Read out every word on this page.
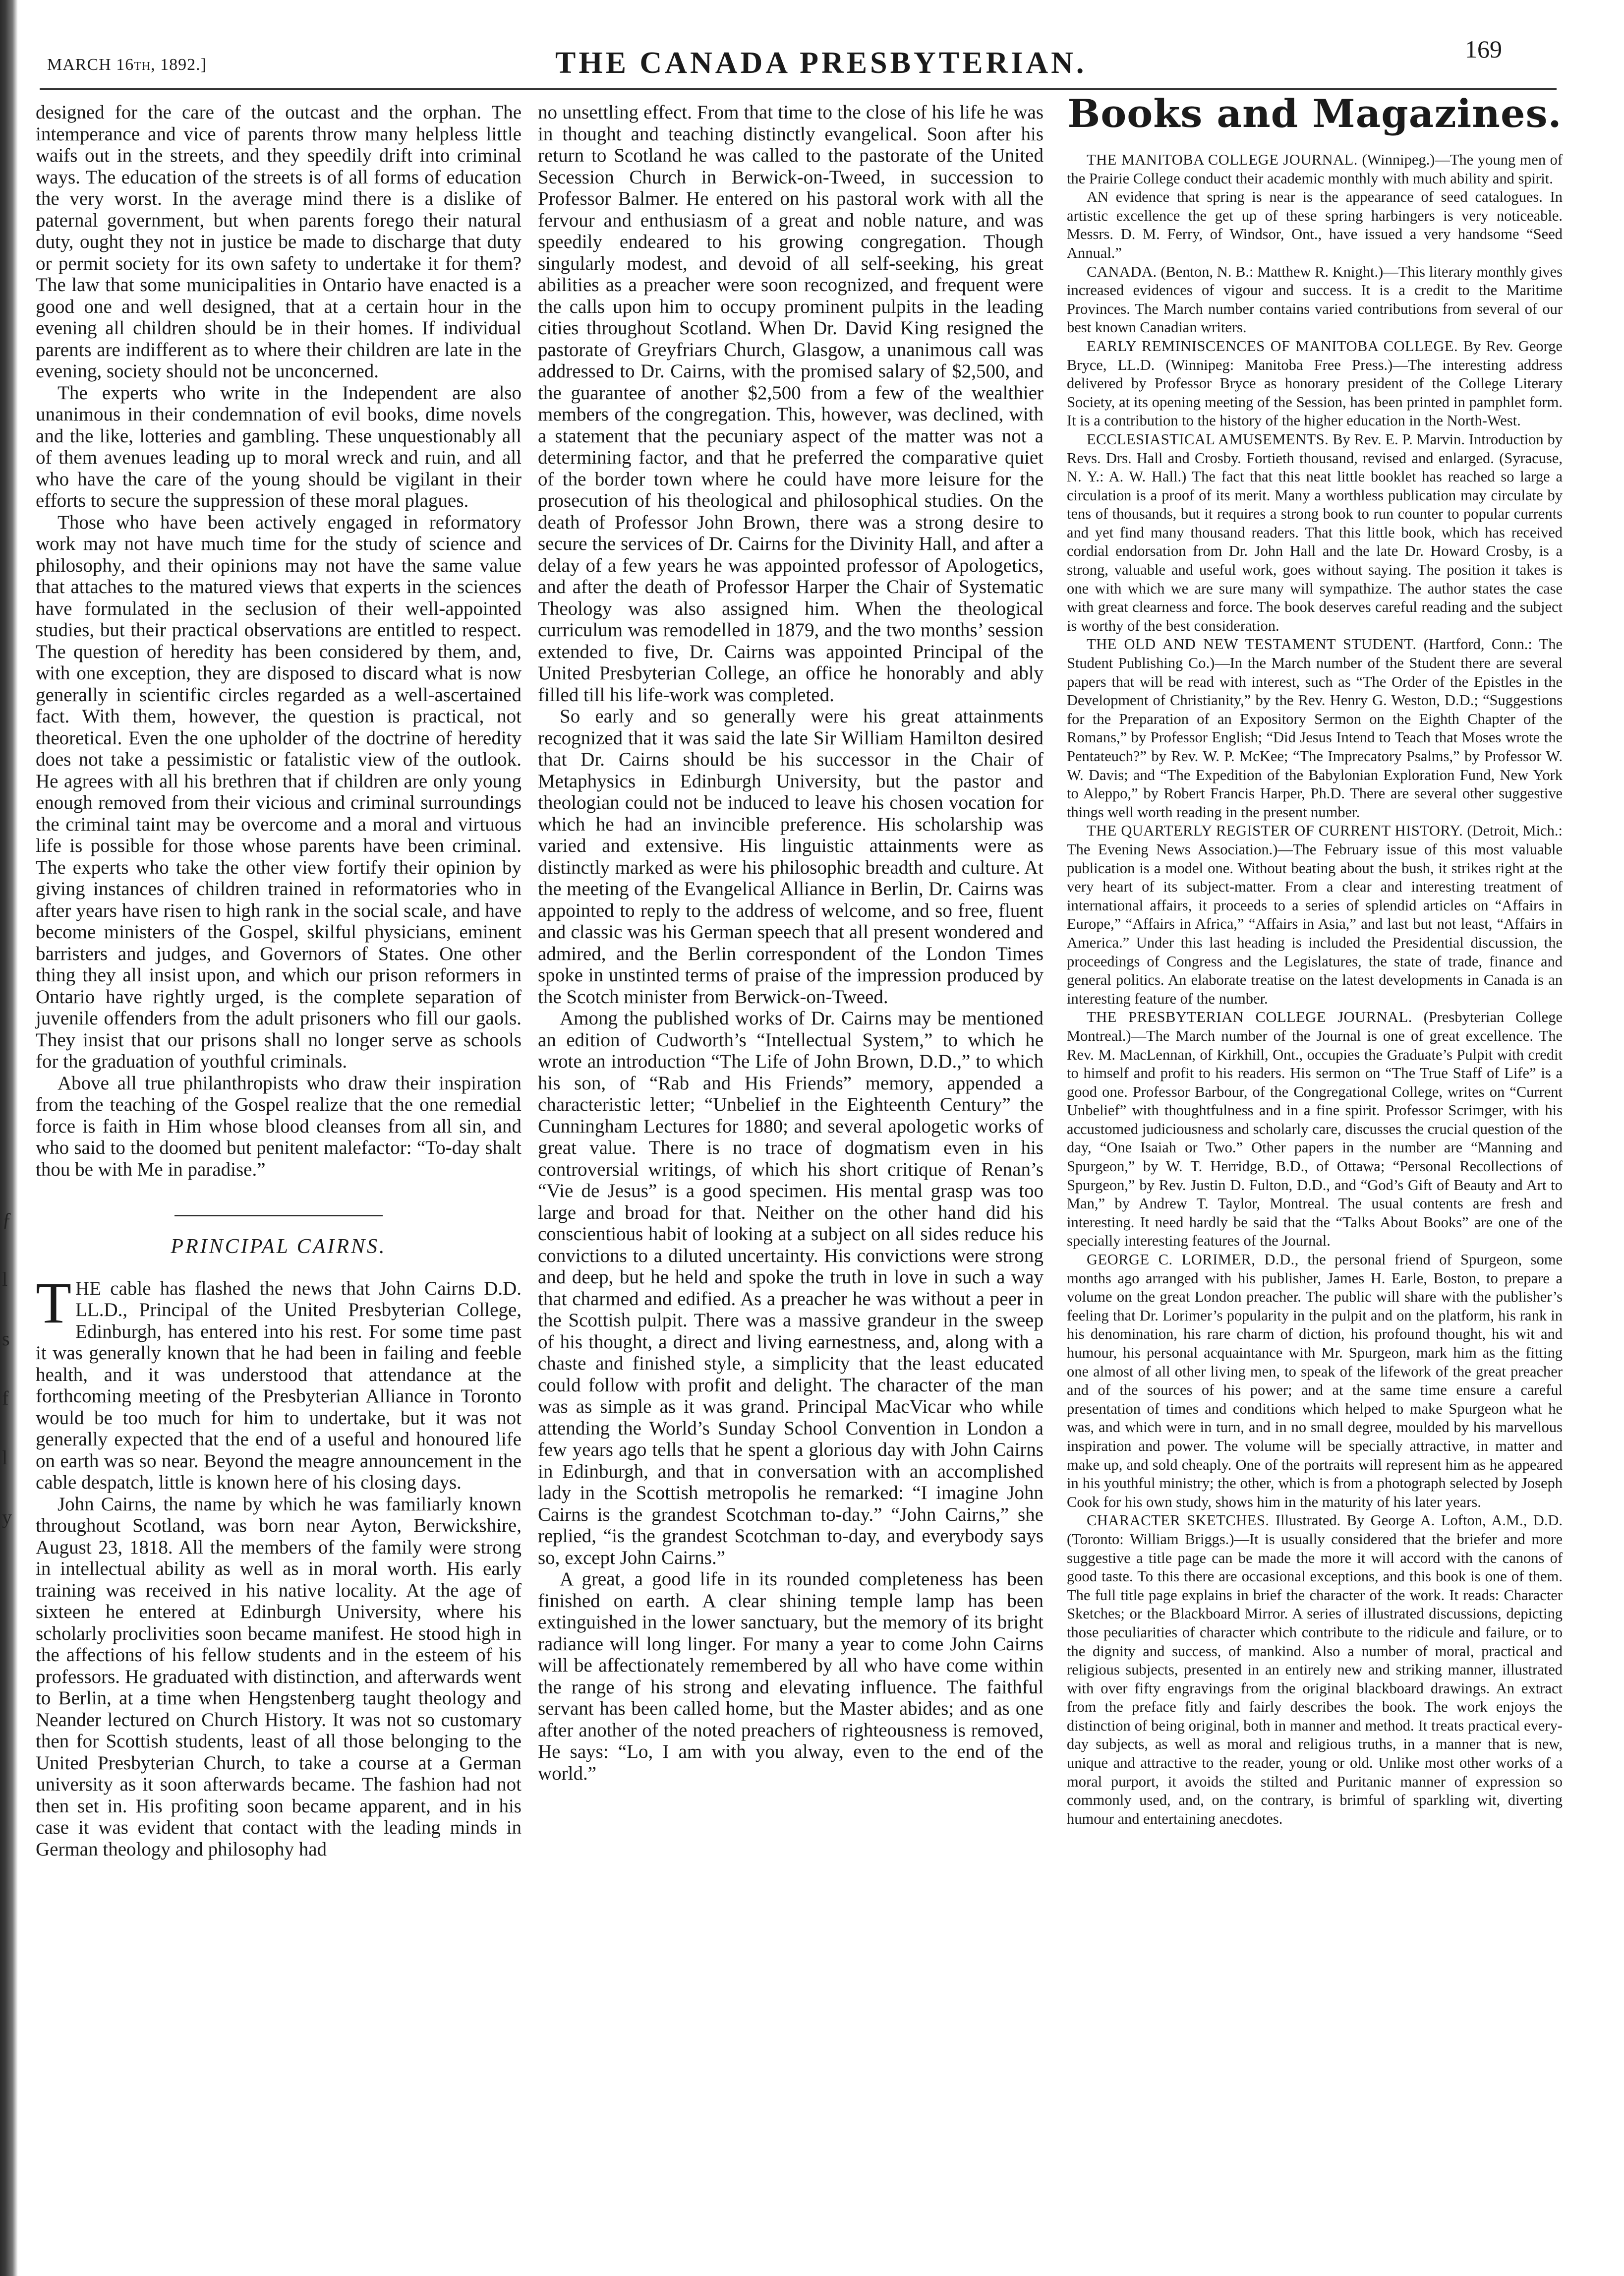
ƒ
l
s
f
l
y
MARCH 16th, 1892.]	THE CANADA PRESBYTERIAN.	169

designed for the care of the outcast and the orphan. The intemperance and vice of parents throw many helpless little waifs out in the streets, and they speedily drift into criminal ways. The education of the streets is of all forms of education the very worst. In the average mind there is a dislike of paternal government, but when parents forego their natural duty, ought they not in justice be made to discharge that duty or permit society for its own safety to undertake it for them? The law that some municipalities in Ontario have enacted is a good one and well designed, that at a certain hour in the evening all children should be in their homes. If individual parents are indifferent as to where their children are late in the evening, society should not be unconcerned.

The experts who write in the Independent are also unanimous in their condemnation of evil books, dime novels and the like, lotteries and gambling. These unquestionably all of them avenues leading up to moral wreck and ruin, and all who have the care of the young should be vigilant in their efforts to secure the suppression of these moral plagues.

Those who have been actively engaged in reformatory work may not have much time for the study of science and philosophy, and their opinions may not have the same value that attaches to the matured views that experts in the sciences have formulated in the seclusion of their well-appointed studies, but their practical observations are entitled to respect. The question of heredity has been considered by them, and, with one exception, they are disposed to discard what is now generally in scientific circles regarded as a well-ascertained fact. With them, however, the question is practical, not theoretical. Even the one upholder of the doctrine of heredity does not take a pessimistic or fatalistic view of the outlook. He agrees with all his brethren that if children are only young enough removed from their vicious and criminal surroundings the criminal taint may be overcome and a moral and virtuous life is possible for those whose parents have been criminal. The experts who take the other view fortify their opinion by giving instances of children trained in reformatories who in after years have risen to high rank in the social scale, and have become ministers of the Gospel, skilful physicians, eminent barristers and judges, and Governors of States. One other thing they all insist upon, and which our prison reformers in Ontario have rightly urged, is the complete separation of juvenile offenders from the adult prisoners who fill our gaols. They insist that our prisons shall no longer serve as schools for the graduation of youthful criminals.

Above all true philanthropists who draw their inspiration from the teaching of the Gospel realize that the one remedial force is faith in Him whose blood cleanses from all sin, and who said to the doomed but penitent malefactor: “To-day shalt thou be with Me in paradise.”

PRINCIPAL CAIRNS.

THE cable has flashed the news that John Cairns D.D. LL.D., Principal of the United Presbyterian College, Edinburgh, has entered into his rest. For some time past it was generally known that he had been in failing and feeble health, and it was understood that attendance at the forthcoming meeting of the Presbyterian Alliance in Toronto would be too much for him to undertake, but it was not generally expected that the end of a useful and honoured life on earth was so near. Beyond the meagre announcement in the cable despatch, little is known here of his closing days.

John Cairns, the name by which he was familiarly known throughout Scotland, was born near Ayton, Berwickshire, August 23, 1818. All the members of the family were strong in intellectual ability as well as in moral worth. His early training was received in his native locality. At the age of sixteen he entered at Edinburgh University, where his scholarly proclivities soon became manifest. He stood high in the affections of his fellow students and in the esteem of his professors. He graduated with distinction, and afterwards went to Berlin, at a time when Hengstenberg taught theology and Neander lectured on Church History. It was not so customary then for Scottish students, least of all those belonging to the United Presbyterian Church, to take a course at a German university as it soon afterwards became. The fashion had not then set in. His profiting soon became apparent, and in his case it was evident that contact with the leading minds in German theology and philosophy had

no unsettling effect. From that time to the close of his life he was in thought and teaching distinctly evangelical. Soon after his return to Scotland he was called to the pastorate of the United Secession Church in Berwick-on-Tweed, in succession to Professor Balmer. He entered on his pastoral work with all the fervour and enthusiasm of a great and noble nature, and was speedily endeared to his growing congregation. Though singularly modest, and devoid of all self-seeking, his great abilities as a preacher were soon recognized, and frequent were the calls upon him to occupy prominent pulpits in the leading cities throughout Scotland. When Dr. David King resigned the pastorate of Greyfriars Church, Glasgow, a unanimous call was addressed to Dr. Cairns, with the promised salary of $2,500, and the guarantee of another $2,500 from a few of the wealthier members of the congregation. This, however, was declined, with a statement that the pecuniary aspect of the matter was not a determining factor, and that he preferred the comparative quiet of the border town where he could have more leisure for the prosecution of his theological and philosophical studies. On the death of Professor John Brown, there was a strong desire to secure the services of Dr. Cairns for the Divinity Hall, and after a delay of a few years he was appointed professor of Apologetics, and after the death of Professor Harper the Chair of Systematic Theology was also assigned him. When the theological curriculum was remodelled in 1879, and the two months’ session extended to five, Dr. Cairns was appointed Principal of the United Presbyterian College, an office he honorably and ably filled till his life-work was completed.

So early and so generally were his great attainments recognized that it was said the late Sir William Hamilton desired that Dr. Cairns should be his successor in the Chair of Metaphysics in Edinburgh University, but the pastor and theologian could not be induced to leave his chosen vocation for which he had an invincible preference. His scholarship was varied and extensive. His linguistic attainments were as distinctly marked as were his philosophic breadth and culture. At the meeting of the Evangelical Alliance in Berlin, Dr. Cairns was appointed to reply to the address of welcome, and so free, fluent and classic was his German speech that all present wondered and admired, and the Berlin correspondent of the London Times spoke in unstinted terms of praise of the impression produced by the Scotch minister from Berwick-on-Tweed.

Among the published works of Dr. Cairns may be mentioned an edition of Cudworth’s “Intellectual System,” to which he wrote an introduction “The Life of John Brown, D.D.,” to which his son, of “Rab and His Friends” memory, appended a characteristic letter; “Unbelief in the Eighteenth Century” the Cunningham Lectures for 1880; and several apologetic works of great value. There is no trace of dogmatism even in his controversial writings, of which his short critique of Renan’s “Vie de Jesus” is a good specimen. His mental grasp was too large and broad for that. Neither on the other hand did his conscientious habit of looking at a subject on all sides reduce his convictions to a diluted uncertainty. His convictions were strong and deep, but he held and spoke the truth in love in such a way that charmed and edified. As a preacher he was without a peer in the Scottish pulpit. There was a massive grandeur in the sweep of his thought, a direct and living earnestness, and, along with a chaste and finished style, a simplicity that the least educated could follow with profit and delight. The character of the man was as simple as it was grand. Principal MacVicar who while attending the World’s Sunday School Convention in London a few years ago tells that he spent a glorious day with John Cairns in Edinburgh, and that in conversation with an accomplished lady in the Scottish metropolis he remarked: “I imagine John Cairns is the grandest Scotchman to-day.” “John Cairns,” she replied, “is the grandest Scotchman to-day, and everybody says so, except John Cairns.”

A great, a good life in its rounded completeness has been finished on earth. A clear shining temple lamp has been extinguished in the lower sanctuary, but the memory of its bright radiance will long linger. For many a year to come John Cairns will be affectionately remembered by all who have come within the range of his strong and elevating influence. The faithful servant has been called home, but the Master abides; and as one after another of the noted preachers of righteousness is removed, He says: “Lo, I am with you alway, even to the end of the world.”

Books and Magazines.

THE MANITOBA COLLEGE JOURNAL. (Winnipeg.)—The young men of the Prairie College conduct their academic monthly with much ability and spirit.

AN evidence that spring is near is the appearance of seed catalogues. In artistic excellence the get up of these spring harbingers is very noticeable. Messrs. D. M. Ferry, of Windsor, Ont., have issued a very handsome “Seed Annual.”

CANADA. (Benton, N. B.: Matthew R. Knight.)—This literary monthly gives increased evidences of vigour and success. It is a credit to the Maritime Provinces. The March number contains varied contributions from several of our best known Canadian writers.

EARLY REMINISCENCES OF MANITOBA COLLEGE. By Rev. George Bryce, LL.D. (Winnipeg: Manitoba Free Press.)—The interesting address delivered by Professor Bryce as honorary president of the College Literary Society, at its opening meeting of the Session, has been printed in pamphlet form. It is a contribution to the history of the higher education in the North-West.

ECCLESIASTICAL AMUSEMENTS. By Rev. E. P. Marvin. Introduction by Revs. Drs. Hall and Crosby. Fortieth thousand, revised and enlarged. (Syracuse, N. Y.: A. W. Hall.) The fact that this neat little booklet has reached so large a circulation is a proof of its merit. Many a worthless publication may circulate by tens of thousands, but it requires a strong book to run counter to popular currents and yet find many thousand readers. That this little book, which has received cordial endorsation from Dr. John Hall and the late Dr. Howard Crosby, is a strong, valuable and useful work, goes without saying. The position it takes is one with which we are sure many will sympathize. The author states the case with great clearness and force. The book deserves careful reading and the subject is worthy of the best consideration.

THE OLD AND NEW TESTAMENT STUDENT. (Hartford, Conn.: The Student Publishing Co.)—In the March number of the Student there are several papers that will be read with interest, such as “The Order of the Epistles in the Development of Christianity,” by the Rev. Henry G. Weston, D.D.; “Suggestions for the Preparation of an Expository Sermon on the Eighth Chapter of the Romans,” by Professor English; “Did Jesus Intend to Teach that Moses wrote the Pentateuch?” by Rev. W. P. McKee; “The Imprecatory Psalms,” by Professor W. W. Davis; and “The Expedition of the Babylonian Exploration Fund, New York to Aleppo,” by Robert Francis Harper, Ph.D. There are several other suggestive things well worth reading in the present number.

THE QUARTERLY REGISTER OF CURRENT HISTORY. (Detroit, Mich.: The Evening News Association.)—The February issue of this most valuable publication is a model one. Without beating about the bush, it strikes right at the very heart of its subject-matter. From a clear and interesting treatment of international affairs, it proceeds to a series of splendid articles on “Affairs in Europe,” “Affairs in Africa,” “Affairs in Asia,” and last but not least, “Affairs in America.” Under this last heading is included the Presidential discussion, the proceedings of Congress and the Legislatures, the state of trade, finance and general politics. An elaborate treatise on the latest developments in Canada is an interesting feature of the number.

THE PRESBYTERIAN COLLEGE JOURNAL. (Presbyterian College Montreal.)—The March number of the Journal is one of great excellence. The Rev. M. MacLennan, of Kirkhill, Ont., occupies the Graduate’s Pulpit with credit to himself and profit to his readers. His sermon on “The True Staff of Life” is a good one. Professor Barbour, of the Congregational College, writes on “Current Unbelief” with thoughtfulness and in a fine spirit. Professor Scrimger, with his accustomed judiciousness and scholarly care, discusses the crucial question of the day, “One Isaiah or Two.” Other papers in the number are “Manning and Spurgeon,” by W. T. Herridge, B.D., of Ottawa; “Personal Recollections of Spurgeon,” by Rev. Justin D. Fulton, D.D., and “God’s Gift of Beauty and Art to Man,” by Andrew T. Taylor, Montreal. The usual contents are fresh and interesting. It need hardly be said that the “Talks About Books” are one of the specially interesting features of the Journal.

GEORGE C. LORIMER, D.D., the personal friend of Spurgeon, some months ago arranged with his publisher, James H. Earle, Boston, to prepare a volume on the great London preacher. The public will share with the publisher’s feeling that Dr. Lorimer’s popularity in the pulpit and on the platform, his rank in his denomination, his rare charm of diction, his profound thought, his wit and humour, his personal acquaintance with Mr. Spurgeon, mark him as the fitting one almost of all other living men, to speak of the lifework of the great preacher and of the sources of his power; and at the same time ensure a careful presentation of times and conditions which helped to make Spurgeon what he was, and which were in turn, and in no small degree, moulded by his marvellous inspiration and power. The volume will be specially attractive, in matter and make up, and sold cheaply. One of the portraits will represent him as he appeared in his youthful ministry; the other, which is from a photograph selected by Joseph Cook for his own study, shows him in the maturity of his later years.

CHARACTER SKETCHES. Illustrated. By George A. Lofton, A.M., D.D. (Toronto: William Briggs.)—It is usually considered that the briefer and more suggestive a title page can be made the more it will accord with the canons of good taste. To this there are occasional exceptions, and this book is one of them. The full title page explains in brief the character of the work. It reads: Character Sketches; or the Blackboard Mirror. A series of illustrated discussions, depicting those peculiarities of character which contribute to the ridicule and failure, or to the dignity and success, of mankind. Also a number of moral, practical and religious subjects, presented in an entirely new and striking manner, illustrated with over fifty engravings from the original blackboard drawings. An extract from the preface fitly and fairly describes the book. The work enjoys the distinction of being original, both in manner and method. It treats practical every-day subjects, as well as moral and religious truths, in a manner that is new, unique and attractive to the reader, young or old. Unlike most other works of a moral purport, it avoids the stilted and Puritanic manner of expression so commonly used, and, on the contrary, is brimful of sparkling wit, diverting humour and entertaining anecdotes.
